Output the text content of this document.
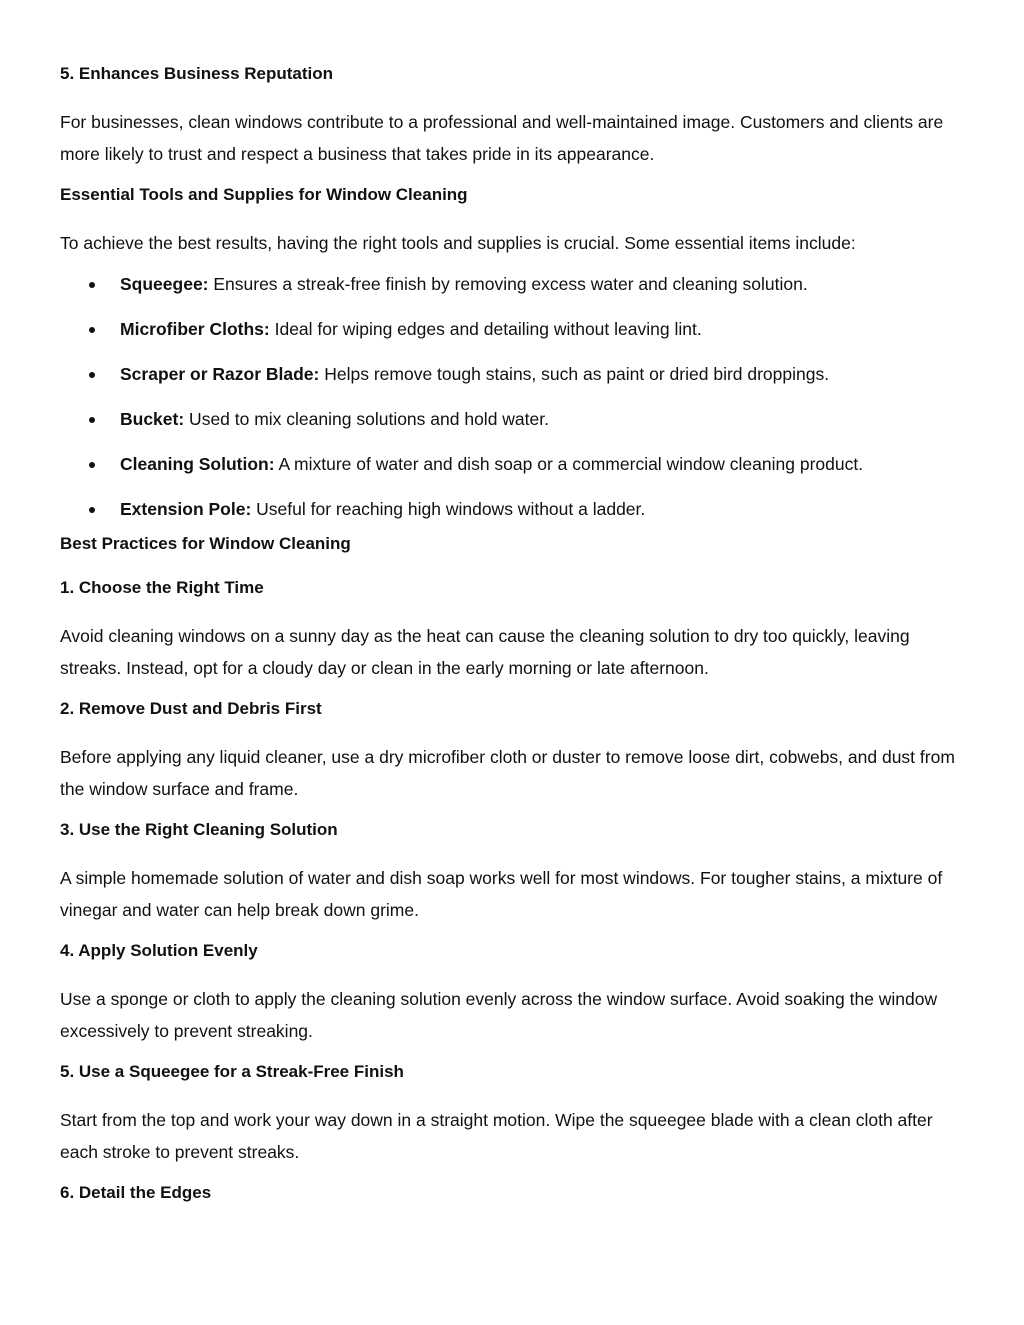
5. Enhances Business Reputation

For businesses, clean windows contribute to a professional and well-maintained image. Customers and clients are more likely to trust and respect a business that takes pride in its appearance.

Essential Tools and Supplies for Window Cleaning

To achieve the best results, having the right tools and supplies is crucial. Some essential items include:

Squeegee: Ensures a streak-free finish by removing excess water and cleaning solution.
Microfiber Cloths: Ideal for wiping edges and detailing without leaving lint.
Scraper or Razor Blade: Helps remove tough stains, such as paint or dried bird droppings.
Bucket: Used to mix cleaning solutions and hold water.
Cleaning Solution: A mixture of water and dish soap or a commercial window cleaning product.
Extension Pole: Useful for reaching high windows without a ladder.
Best Practices for Window Cleaning
1. Choose the Right Time

Avoid cleaning windows on a sunny day as the heat can cause the cleaning solution to dry too quickly, leaving streaks. Instead, opt for a cloudy day or clean in the early morning or late afternoon.

2. Remove Dust and Debris First

Before applying any liquid cleaner, use a dry microfiber cloth or duster to remove loose dirt, cobwebs, and dust from the window surface and frame.

3. Use the Right Cleaning Solution

A simple homemade solution of water and dish soap works well for most windows. For tougher stains, a mixture of vinegar and water can help break down grime.

4. Apply Solution Evenly

Use a sponge or cloth to apply the cleaning solution evenly across the window surface. Avoid soaking the window excessively to prevent streaking.

5. Use a Squeegee for a Streak-Free Finish

Start from the top and work your way down in a straight motion. Wipe the squeegee blade with a clean cloth after each stroke to prevent streaks.

6. Detail the Edges
